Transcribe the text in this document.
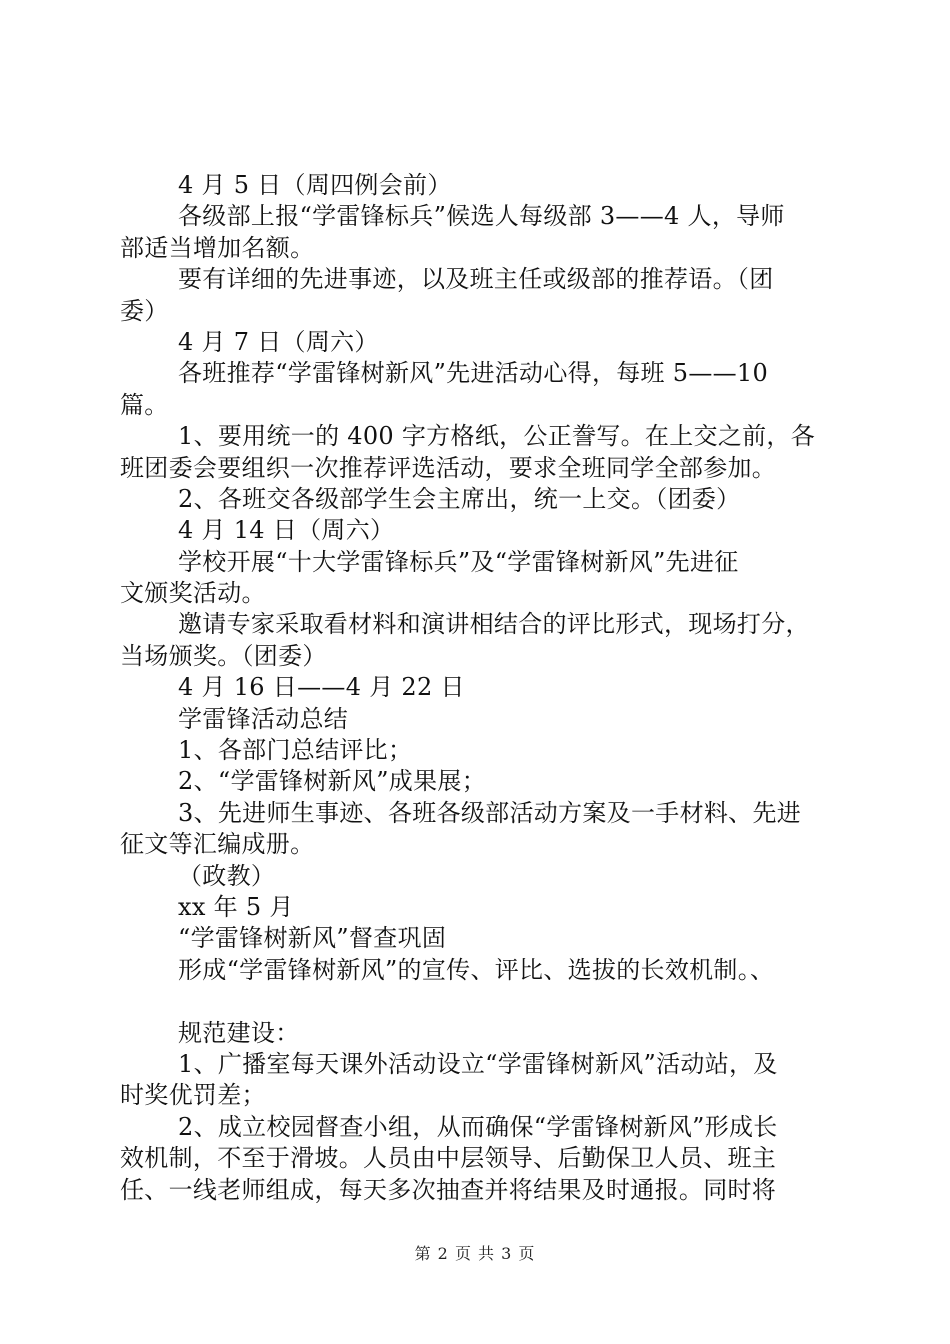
4 月 5 日（周四例会前）
各级部上报“学雷锋标兵”候选人每级部 3——4 人，导师
部适当增加名额。
要有详细的先进事迹，以及班主任或级部的推荐语。（团
委）
4 月 7 日（周六）
各班推荐“学雷锋树新风”先进活动心得，每班 5——10
篇。
1、要用统一的 400 字方格纸，公正誊写。在上交之前，各
班团委会要组织一次推荐评选活动，要求全班同学全部参加。
2、各班交各级部学生会主席出，统一上交。（团委）
4 月 14 日（周六）
学校开展“十大学雷锋标兵”及“学雷锋树新风”先进征
文颁奖活动。
邀请专家采取看材料和演讲相结合的评比形式，现场打分，
当场颁奖。（团委）
4 月 16 日——4 月 22 日
学雷锋活动总结
1、各部门总结评比；
2、“学雷锋树新风”成果展；
3、先进师生事迹、各班各级部活动方案及一手材料、先进
征文等汇编成册。
（政教）
xx 年 5 月
“学雷锋树新风”督查巩固
形成“学雷锋树新风”的宣传、评比、选拔的长效机制。、
规范建设：
1、广播室每天课外活动设立“学雷锋树新风”活动站，及
时奖优罚差；
2、成立校园督查小组，从而确保“学雷锋树新风”形成长
效机制，不至于滑坡。人员由中层领导、后勤保卫人员、班主
任、一线老师组成，每天多次抽查并将结果及时通报。同时将
第 2 页 共 3 页
